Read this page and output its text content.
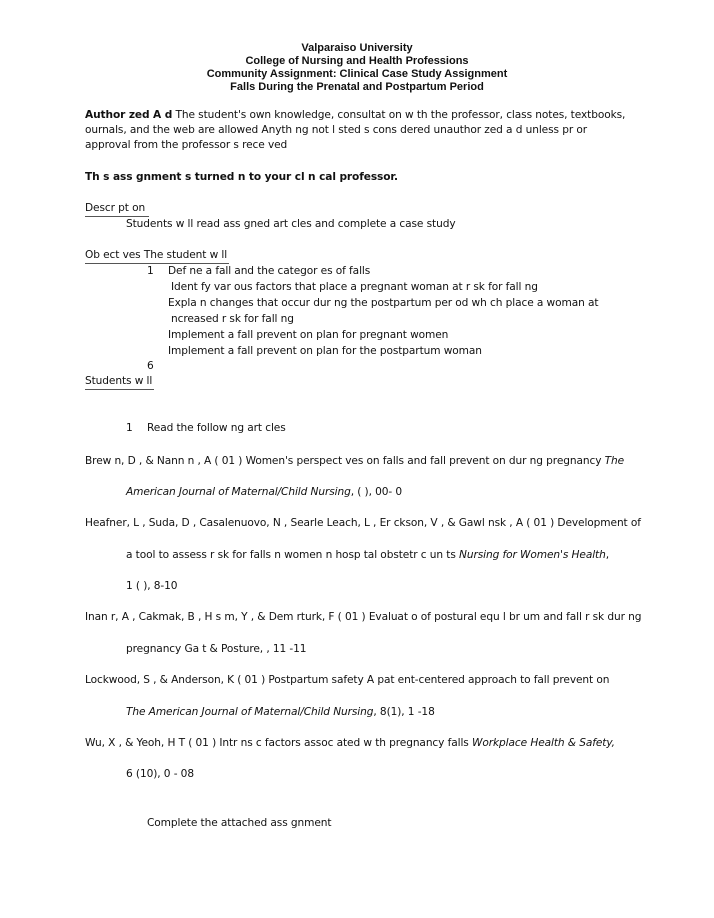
Valparaiso University
College of Nursing and Health Professions
Community Assignment: Clinical Case Study Assignment
Falls During the Prenatal and Postpartum Period
Author zed A d The student's own knowledge, consultat on w th the professor, class notes, textbooks,
ournals, and the web are allowed Anyth ng not l sted s cons dered unauthor zed a d unless pr or
approval from the professor s rece ved
Th s ass gnment s turned n to your cl n cal professor.
Descr pt on
Students w ll read ass gned art cles and complete a case study
Ob ect ves The student w ll
1 Def ne a fall and the categor es of falls
Ident fy var ous factors that place a pregnant woman at r sk for fall ng
Expla n changes that occur dur ng the postpartum per od wh ch place a woman at
ncreased r sk for fall ng
Implement a fall prevent on plan for pregnant women
Implement a fall prevent on plan for the postpartum woman
6
Students w ll
1 Read the follow ng art cles
Brew n, D , & Nann n , A ( 01 ) Women's perspect ves on falls and fall prevent on dur ng pregnancy The
American Journal of Maternal/Child Nursing, ( ), 00- 0
Heafner, L , Suda, D , Casalenuovo, N , Searle Leach, L , Er ckson, V , & Gawl nsk , A ( 01 ) Development of
a tool to assess r sk for falls n women n hosp tal obstetr c un ts Nursing for Women's Health,
1 ( ), 8-10
Inan r, A , Cakmak, B , H s m, Y , & Dem rturk, F ( 01 ) Evaluat o of postural equ l br um and fall r sk dur ng
pregnancy Ga t & Posture, , 11 -11
Lockwood, S , & Anderson, K ( 01 ) Postpartum safety A pat ent-centered approach to fall prevent on
The American Journal of Maternal/Child Nursing, 8(1), 1 -18
Wu, X , & Yeoh, H T ( 01 ) Intr ns c factors assoc ated w th pregnancy falls Workplace Health & Safety,
6 (10), 0 - 08
Complete the attached ass gnment
